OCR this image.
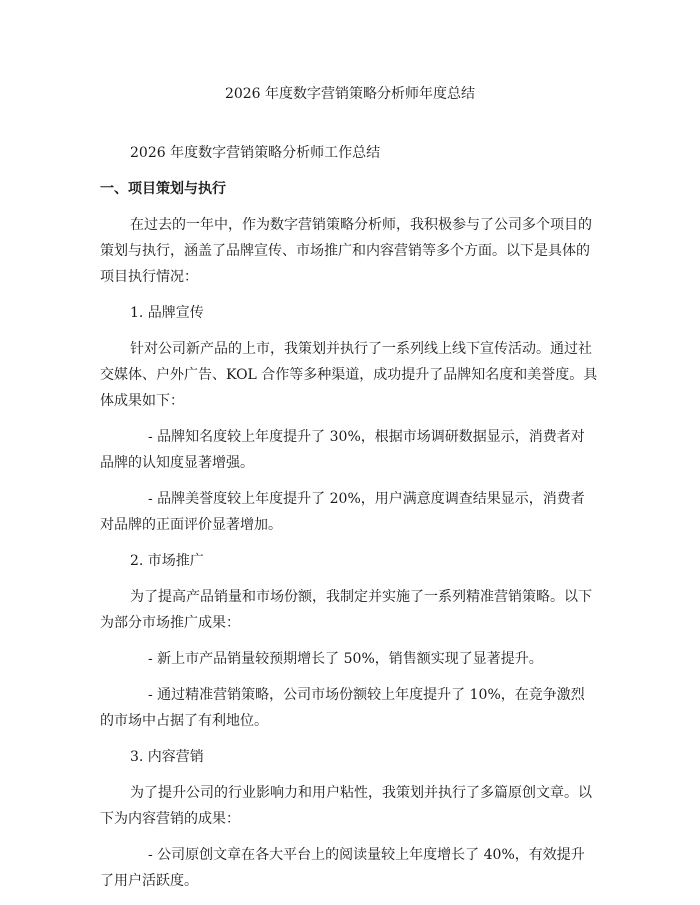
2026 年度数字营销策略分析师年度总结
2026 年度数字营销策略分析师工作总结
一、项目策划与执行
在过去的一年中，作为数字营销策略分析师，我积极参与了公司多个项目的策划与执行，涵盖了品牌宣传、市场推广和内容营销等多个方面。以下是具体的项目执行情况：
1. 品牌宣传
针对公司新产品的上市，我策划并执行了一系列线上线下宣传活动。通过社交媒体、户外广告、KOL 合作等多种渠道，成功提升了品牌知名度和美誉度。具体成果如下：
- 品牌知名度较上年度提升了 30%，根据市场调研数据显示，消费者对品牌的认知度显著增强。
- 品牌美誉度较上年度提升了 20%，用户满意度调查结果显示，消费者对品牌的正面评价显著增加。
2. 市场推广
为了提高产品销量和市场份额，我制定并实施了一系列精准营销策略。以下为部分市场推广成果：
- 新上市产品销量较预期增长了 50%，销售额实现了显著提升。
- 通过精准营销策略，公司市场份额较上年度提升了 10%，在竞争激烈的市场中占据了有利地位。
3. 内容营销
为了提升公司的行业影响力和用户粘性，我策划并执行了多篇原创文章。以下为内容营销的成果：
- 公司原创文章在各大平台上的阅读量较上年度增长了 40%，有效提升了用户活跃度。
